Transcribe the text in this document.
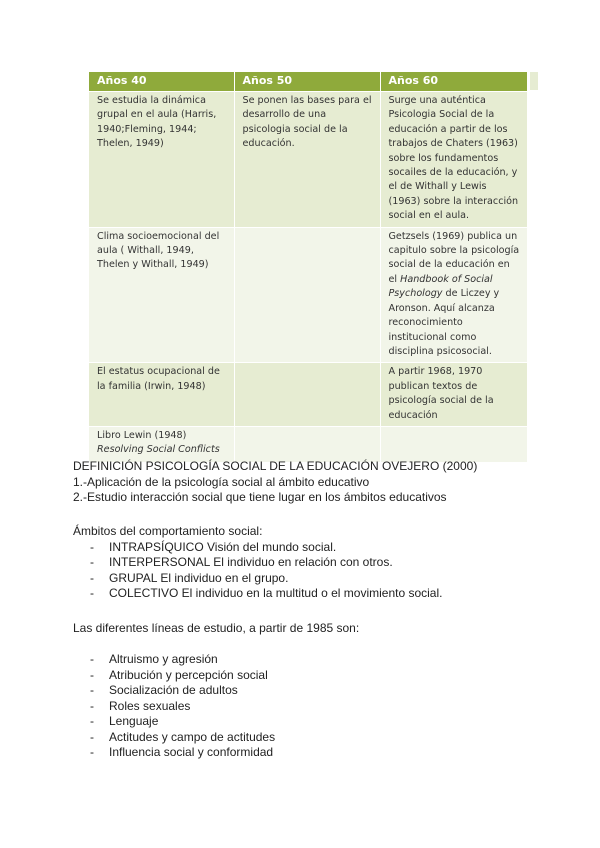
Años 40	Años 50	Años 60
Se estudia la dinámica grupal en el aula (Harris, 1940;Fleming, 1944; Thelen, 1949)	Se ponen las bases para el desarrollo de una psicologia social de la educación.	Surge una auténtica Psicologia Social de la educación a partir de los trabajos de Chaters (1963) sobre los fundamentos socailes de la educación, y el de Withall y Lewis (1963) sobre la interacción social en el aula.
Clima socioemocional del aula ( Withall, 1949, Thelen y Withall, 1949)		Getzsels (1969) publica un capitulo sobre la psicología social de la educación en el Handbook of Social Psychology de Liczey y Aronson. Aquí alcanza reconocimiento institucional como disciplina psicosocial.
El estatus ocupacional de la familia (Irwin, 1948)		A partir 1968, 1970 publican textos de psicología social de la educación
Libro Lewin (1948) Resolving Social Conflicts		
DEFINICIÓN PSICOLOGÍA SOCIAL DE LA EDUCACIÓN OVEJERO (2000)
1.-Aplicación de la psicología social al ámbito educativo
2.-Estudio interacción social que tiene lugar en los ámbitos educativos
Ámbitos del comportamiento social:
- INTRAPSÍQUICO Visión del mundo social.
- INTERPERSONAL El individuo en relación con otros.
- GRUPAL El individuo en el grupo.
- COLECTIVO El individuo en la multitud o el movimiento social.
Las diferentes líneas de estudio, a partir de 1985 son:
- Altruismo y agresión
- Atribución y percepción social
- Socialización de adultos
- Roles sexuales
- Lenguaje
- Actitudes y campo de actitudes
- Influencia social y conformidad
